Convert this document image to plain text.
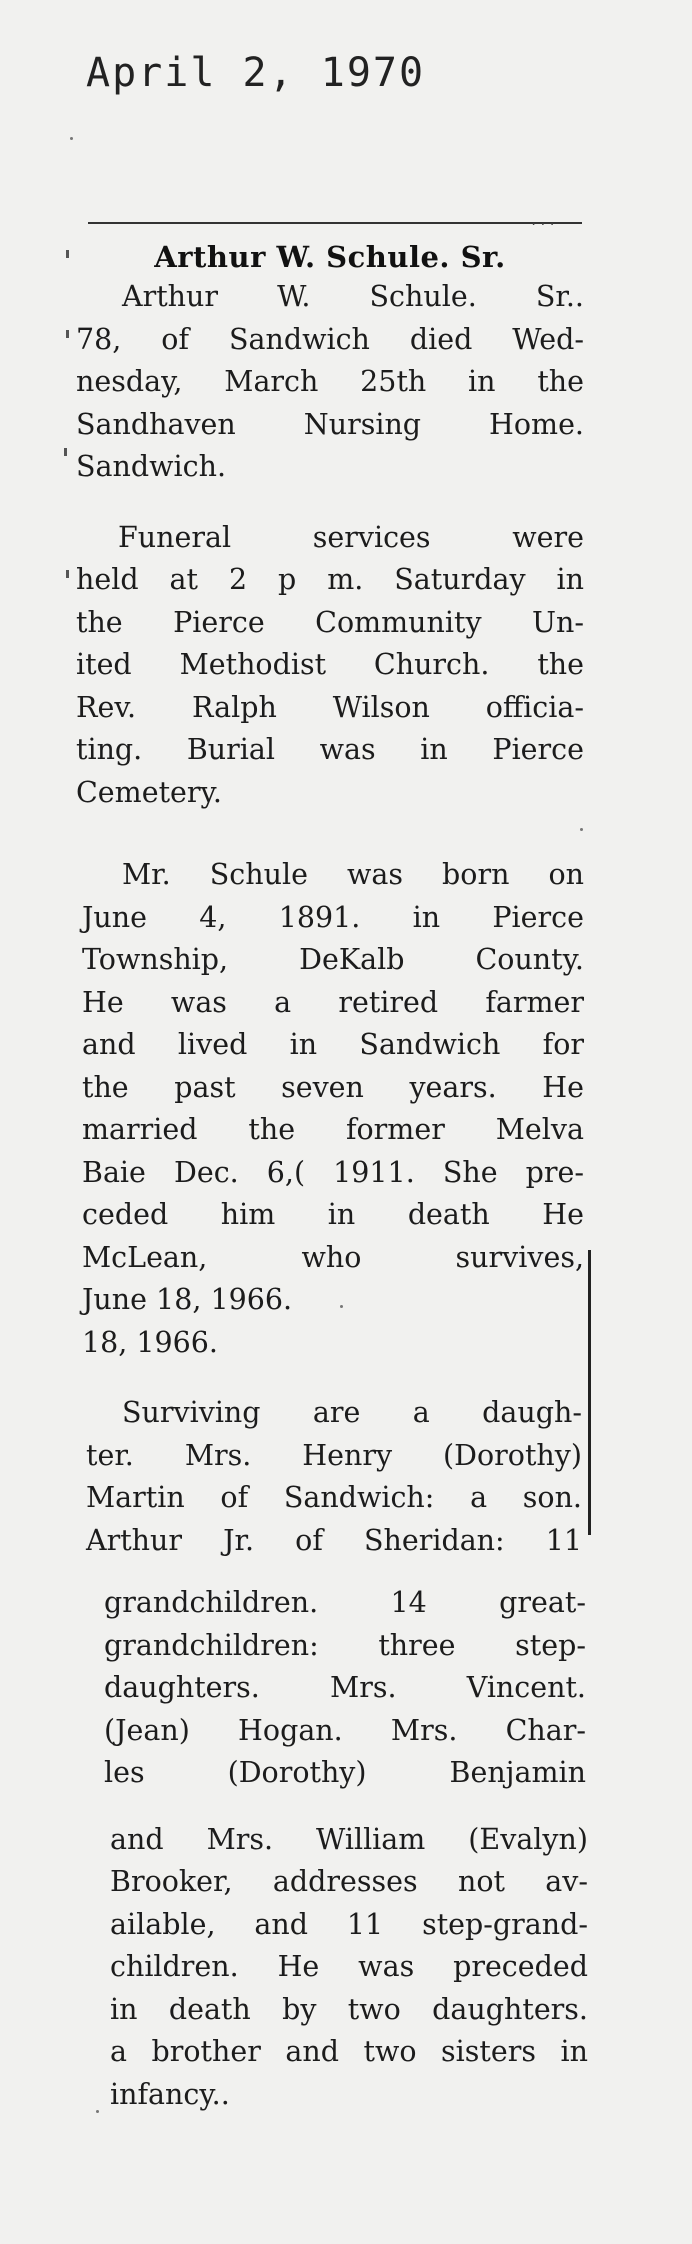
April 2, 1970
...
Arthur W. Schule. Sr.
Arthur W. Schule. Sr..
78, of Sandwich died Wed-
nesday, March 25th in the
Sandhaven Nursing Home.
Sandwich.
Funeral services were
held at 2 p m. Saturday in
the Pierce Community Un-
ited Methodist Church. the
Rev. Ralph Wilson officia-
ting. Burial was in Pierce
Cemetery.
Mr. Schule was born on
June 4, 1891. in Pierce
Township, DeKalb County.
He was a retired farmer
and lived in Sandwich for
the past seven years. He
married the former Melva
Baie Dec. 6,( 1911. She pre-
ceded him in death He
McLean, who survives,
June 18, 1966.
18, 1966.
Surviving are a daugh-
ter. Mrs. Henry (Dorothy)
Martin of Sandwich: a son.
Arthur Jr. of Sheridan: 11
grandchildren. 14 great-
grandchildren: three step-
daughters. Mrs. Vincent.
(Jean) Hogan. Mrs. Char-
les (Dorothy) Benjamin
and Mrs. William (Evalyn)
Brooker, addresses not av-
ailable, and 11 step-grand-
children. He was preceded
in death by two daughters.
a brother and two sisters in
infancy..
